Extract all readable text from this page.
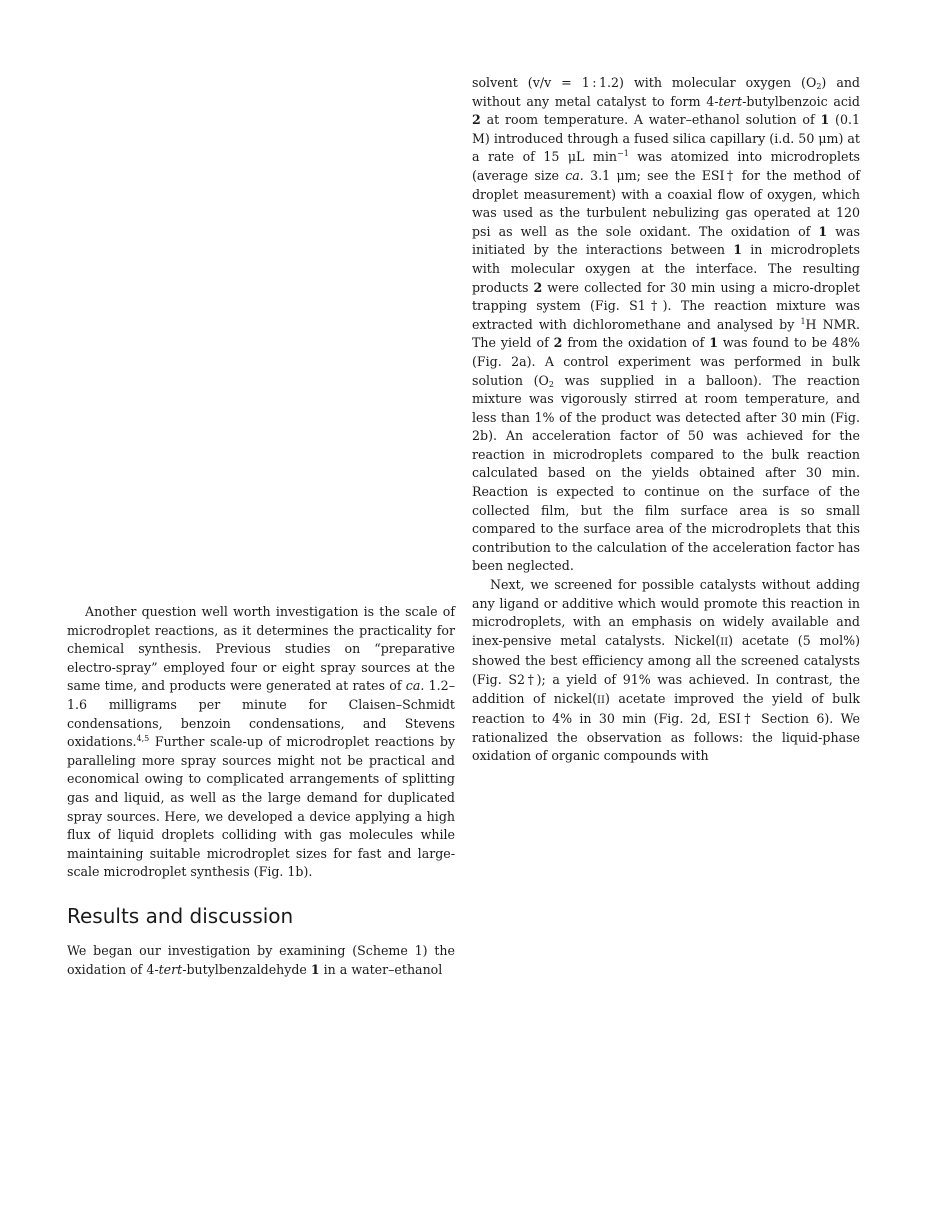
Another question well worth investigation is the scale of microdroplet reactions, as it determines the practicality for chemical synthesis. Previous studies on “preparative electro-spray” employed four or eight spray sources at the same time, and products were generated at rates of ca. 1.2–1.6 milligrams per minute for Claisen–Schmidt condensations, benzoin condensations, and Stevens oxidations.$^{4,5}$ Further scale-up of microdroplet reactions by paralleling more spray sources might not be practical and economical owing to complicated arrangements of splitting gas and liquid, as well as the large demand for duplicated spray sources. Here, we developed a device applying a high flux of liquid droplets colliding with gas molecules while maintaining suitable microdroplet sizes for fast and large-scale microdroplet synthesis (Fig. 1b).

Results and discussion

We began our investigation by examining (Scheme 1) the oxidation of 4-tert-butylbenzaldehyde 1 in a water–ethanol

solvent (v/v = 1 : 1.2) with molecular oxygen $(O_2)$ and without any metal catalyst to form 4-tert-butylbenzoic acid 2 at room temperature. A water–ethanol solution of 1 (0.1 M) introduced through a fused silica capillary (i.d. 50 μm) at a rate of 15 μL $\min^{-1}$ was atomized into microdroplets (average size ca. 3.1 μm; see the ESI† for the method of droplet measurement) with a coaxial flow of oxygen, which was used as the turbulent nebulizing gas operated at 120 psi as well as the sole oxidant. The oxidation of 1 was initiated by the interactions between 1 in microdroplets with molecular oxygen at the interface. The resulting products 2 were collected for 30 min using a micro-droplet trapping system (Fig. S1†). The reaction mixture was extracted with dichloromethane and analysed by $^1$H NMR. The yield of 2 from the oxidation of 1 was found to be 48% (Fig. 2a). A control experiment was performed in bulk solution ($O_2$ was supplied in a balloon). The reaction mixture was vigorously stirred at room temperature, and less than 1% of the product was detected after 30 min (Fig. 2b). An acceleration factor of 50 was achieved for the reaction in microdroplets compared to the bulk reaction calculated based on the yields obtained after 30 min. Reaction is expected to continue on the surface of the collected film, but the film surface area is so small compared to the surface area of the microdroplets that this contribution to the calculation of the acceleration factor has been neglected.

Next, we screened for possible catalysts without adding any ligand or additive which would promote this reaction in microdroplets, with an emphasis on widely available and inex-pensive metal catalysts. Nickel(II) acetate (5 mol%) showed the best efficiency among all the screened catalysts (Fig. S2†); a yield of 91% was achieved. In contrast, the addition of nickel(II) acetate improved the yield of bulk reaction to 4% in 30 min (Fig. 2d, ESI† Section 6). We rationalized the observation as follows: the liquid-phase oxidation of organic compounds with
